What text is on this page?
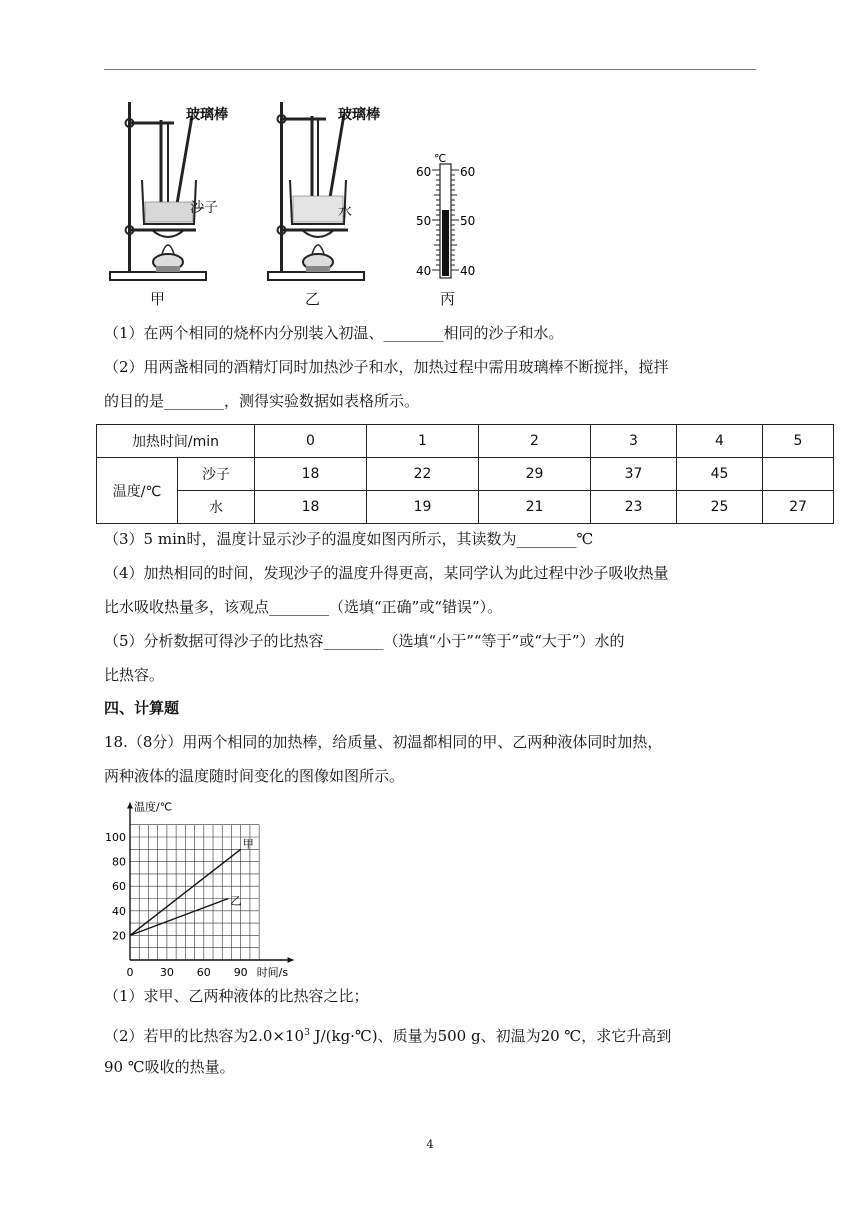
玻璃棒
沙子
甲
玻璃棒
水
乙
℃
60 60
50 50
40 40
丙
（1）在两个相同的烧杯内分别装入初温、________相同的沙子和水。
（2）用两盏相同的酒精灯同时加热沙子和水，加热过程中需用玻璃棒不断搅拌，搅拌
的目的是________，测得实验数据如表格所示。
加热时间/min		0	1	2	3	4	5
温度/℃	沙子	18	22	29	37	45	
	水	18	19	21	23	25	27
（3）5 min时，温度计显示沙子的温度如图丙所示，其读数为________℃
（4）加热相同的时间，发现沙子的温度升得更高，某同学认为此过程中沙子吸收热量
比水吸收热量多，该观点________（选填“正确”或“错误”）。
（5）分析数据可得沙子的比热容________（选填“小于”“等于”或“大于”）水的
比热容。
四、计算题
18.（8分）用两个相同的加热棒，给质量、初温都相同的甲、乙两种液体同时加热，
两种液体的温度随时间变化的图像如图所示。
20
40
60
80
100
0 30 60 90
温度/℃
时间/s
甲
乙
（1）求甲、乙两种液体的比热容之比；
（2）若甲的比热容为$2.0\times 10^3$ J/(kg·℃)、质量为500 g、初温为20 ℃，求它升高到
90 ℃吸收的热量。
4
